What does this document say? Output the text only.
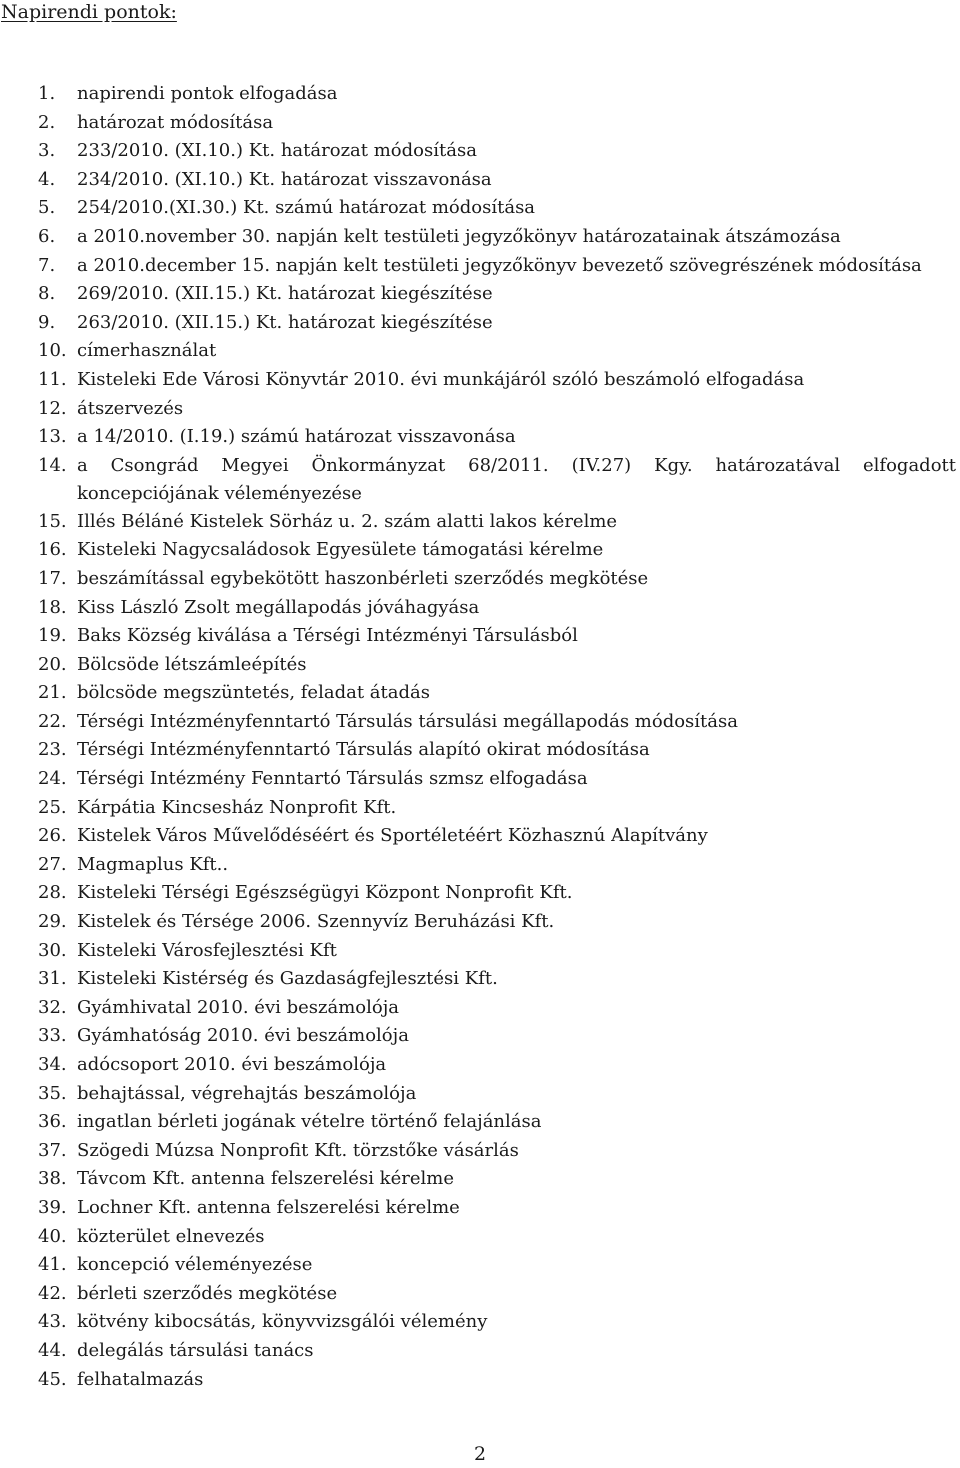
Napirendi pontok:
1.	napirendi pontok elfogadása
2.	határozat módosítása
3.	233/2010. (XI.10.) Kt. határozat módosítása
4.	234/2010. (XI.10.) Kt. határozat visszavonása
5.	254/2010.(XI.30.) Kt. számú határozat módosítása
6.	a 2010.november 30. napján kelt testületi jegyzőkönyv határozatainak átszámozása
7.	a 2010.december 15. napján kelt testületi jegyzőkönyv bevezető szövegrészének módosítása
8.	269/2010. (XII.15.) Kt. határozat kiegészítése
9.	263/2010. (XII.15.) Kt. határozat kiegészítése
10. címerhasználat
11. Kisteleki Ede Városi Könyvtár 2010. évi munkájáról szóló beszámoló elfogadása
12. átszervezés
13. a 14/2010. (I.19.) számú határozat visszavonása
14. a Csongrád Megyei Önkormányzat 68/2011. (IV.27) Kgy. határozatával elfogadott koncepciójának véleményezése
15. Illés Béláné Kistelek Sörház u. 2. szám alatti lakos kérelme
16. Kisteleki Nagycsaládosok Egyesülete támogatási kérelme
17. beszámítással egybekötött haszonbérleti szerződés megkötése
18. Kiss László Zsolt megállapodás jóváhagyása
19. Baks Község kiválása a Térségi Intézményi Társulásból
20. Bölcsöde létszámleépítés
21. bölcsöde megszüntetés, feladat átadás
22. Térségi Intézményfenntartó Társulás társulási megállapodás módosítása
23. Térségi Intézményfenntartó Társulás alapító okirat módosítása
24. Térségi Intézmény Fenntartó Társulás szmsz elfogadása
25. Kárpátia Kincsesház Nonprofit Kft.
26. Kistelek Város Művelődéséért és Sportéletéért Közhasznú Alapítvány
27. Magmaplus Kft..
28. Kisteleki Térségi Egészségügyi Központ Nonprofit Kft.
29. Kistelek és Térsége 2006. Szennyvíz Beruházási Kft.
30. Kisteleki Városfejlesztési Kft
31. Kisteleki Kistérség és Gazdaságfejlesztési Kft.
32. Gyámhivatal 2010. évi beszámolója
33. Gyámhatóság 2010. évi beszámolója
34. adócsoport 2010. évi beszámolója
35. behajtással, végrehajtás beszámolója
36. ingatlan bérleti jogának vételre történő felajánlása
37. Szögedi Múzsa Nonprofit Kft. törzstőke vásárlás
38. Távcom Kft. antenna felszerelési kérelme
39. Lochner Kft. antenna felszerelési kérelme
40. közterület elnevezés
41. koncepció véleményezése
42. bérleti szerződés megkötése
43. kötvény kibocsátás, könyvvizsgálói vélemény
44. delegálás társulási tanács
45. felhatalmazás
2
